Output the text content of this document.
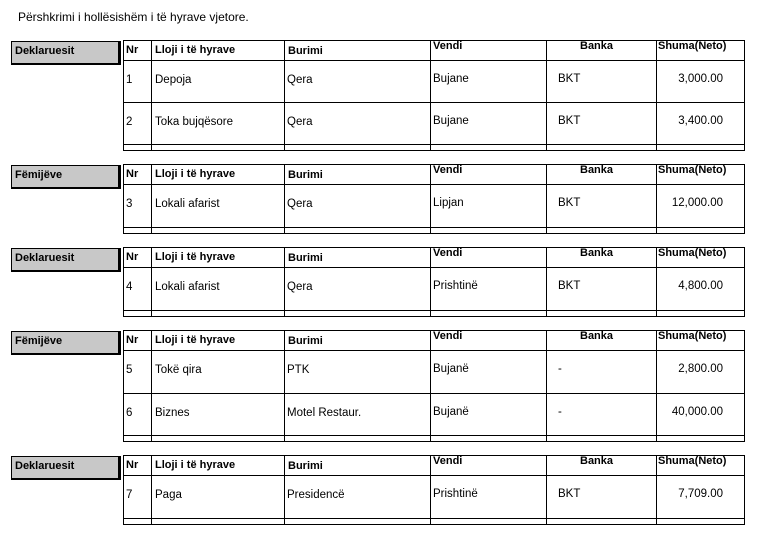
Përshkrimi i hollësishëm i të hyrave vjetore.
Deklaruesit	Nr Lloji i të hyrave	Burimi	Vendi	Banka	Shuma(Neto)
1 Depoja	Qera	Bujane	BKT	3,000.00
2 Toka bujqësore	Qera	Bujane	BKT	3,400.00
Fëmijëve	Nr Lloji i të hyrave	Burimi	Vendi	Banka	Shuma(Neto)
3 Lokali afarist	Qera	Lipjan	BKT	12,000.00
Deklaruesit	Nr Lloji i të hyrave	Burimi	Vendi	Banka	Shuma(Neto)
4 Lokali afarist	Qera	Prishtinë	BKT	4,800.00
Fëmijëve	Nr Lloji i të hyrave	Burimi	Vendi	Banka	Shuma(Neto)
5 Tokë qira	PTK	Bujanë	-	2,800.00
6 Biznes	Motel Restaur.	Bujanë	-	40,000.00
Deklaruesit	Nr Lloji i të hyrave	Burimi	Vendi	Banka	Shuma(Neto)
7 Paga	Presidencë	Prishtinë	BKT	7,709.00
